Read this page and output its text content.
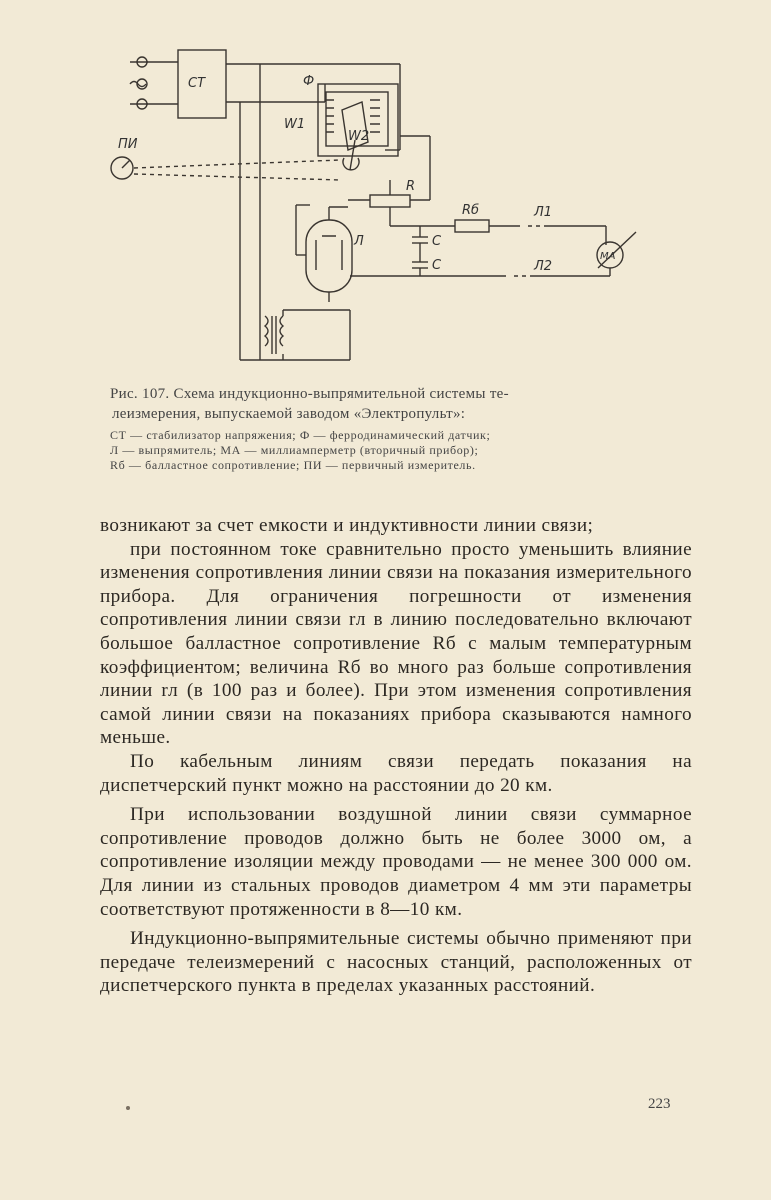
СТ	Ф
W1
W2
ПИ
R
Rб	Л1
Л2
C
C
Л
МА
Рис. 107. Схема индукционно-выпрямительной системы те-
леизмерения, выпускаемой заводом «Электропульт»:
СТ — стабилизатор напряжения; Ф — ферродинамический датчик;
Л — выпрямитель; МА — миллиамперметр (вторичный прибор);
Rб — балластное сопротивление; ПИ — первичный измеритель.

возникают за счет емкости и индуктивности линии связи;

при постоянном токе сравнительно просто уменьшить влияние изменения сопротивления линии связи на показания измерительного прибора. Для ограничения погрешности от изменения сопротивления линии связи rл в линию последовательно включают большое балластное сопротивление Rб с малым температурным коэффициентом; величина Rб во много раз больше сопротивления линии rл (в 100 раз и более). При этом изменения сопротивления самой линии связи на показаниях прибора сказываются намного меньше.

По кабельным линиям связи передать показания на диспетчерский пункт можно на расстоянии до 20 км.

При использовании воздушной линии связи суммарное сопротивление проводов должно быть не более 3000 ом, а сопротивление изоляции между проводами — не менее 300 000 ом. Для линии из стальных проводов диаметром 4 мм эти параметры соответствуют протяженности в 8—10 км.

Индукционно-выпрямительные системы обычно применяют при передаче телеизмерений с насосных станций, расположенных от диспетчерского пункта в пределах указанных расстояний.

223
